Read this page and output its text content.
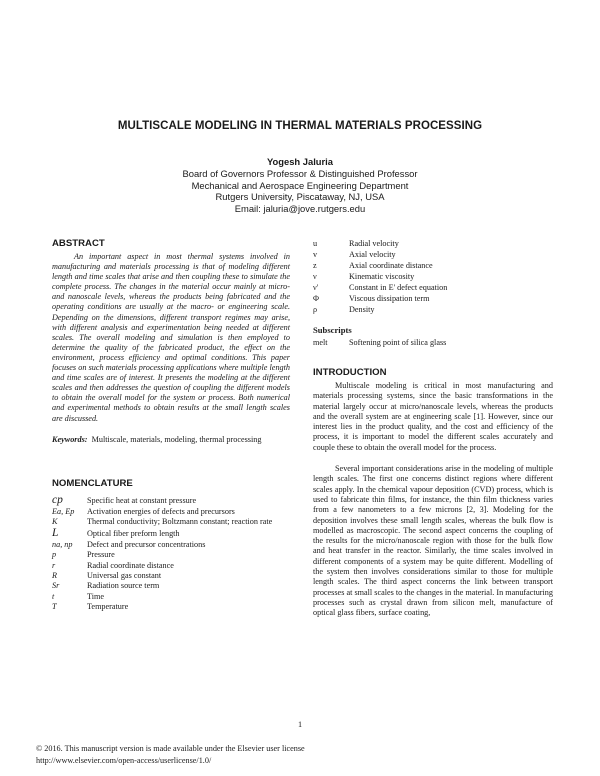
MULTISCALE MODELING IN THERMAL MATERIALS PROCESSING
Yogesh Jaluria
Board of Governors Professor & Distinguished Professor
Mechanical and Aerospace Engineering Department
Rutgers University, Piscataway, NJ, USA
Email: jaluria@jove.rutgers.edu
ABSTRACT

An important aspect in most thermal systems involved in manufacturing and materials processing is that of modeling different length and time scales that arise and then coupling these to simulate the complete process. The changes in the material occur mainly at micro- and nanoscale levels, whereas the products being fabricated and the operating conditions are usually at the macro- or engineering scale. Depending on the dimensions, different transport regimes may arise, with different analysis and experimentation being needed at different scales. The overall modeling and simulation is then employed to determine the quality of the fabricated product, the effect on the environment, process efficiency and optimal conditions. This paper focuses on such materials processing applications where multiple length and time scales are of interest. It presents the modeling at the different scales and then addresses the question of coupling the different models to obtain the overall model for the system or process. Both numerical and experimental methods to obtain results at the small length scales are discussed.

Keywords: Multiscale, materials, modeling, thermal processing

NOMENCLATURE
cp	Specific heat at constant pressure
Ea, Ep	Activation energies of defects and precursors
K	Thermal conductivity; Boltzmann constant; reaction rate
L	Optical fiber preform length
na, np	Defect and precursor concentrations
p	Pressure
r	Radial coordinate distance
R	Universal gas constant
Sr	Radiation source term
t	Time
T	Temperature
u	Radial velocity
v	Axial velocity
z	Axial coordinate distance
ν	Kinematic viscosity
ν'	Constant in E' defect equation
Φ	Viscous dissipation term
ρ	Density
Subscripts
melt	Softening point of silica glass
INTRODUCTION

Multiscale modeling is critical in most manufacturing and materials processing systems, since the basic transformations in the material largely occur at micro/nanoscale levels, whereas the products and the overall system are at engineering scale [1]. However, since our interest lies in the product quality, and the cost and efficiency of the process, it is important to model the different scales accurately and couple these to obtain the overall model for the process.

Several important considerations arise in the modeling of multiple length scales. The first one concerns distinct regions where different scales apply. In the chemical vapour deposition (CVD) process, which is used to fabricate thin films, for instance, the thin film thickness varies from a few nanometers to a few microns [2, 3]. Modeling for the deposition involves these small length scales, whereas the bulk flow is modelled as macroscopic. The second aspect concerns the coupling of the results for the micro/nanoscale region with those for the bulk flow and heat transfer in the reactor. Similarly, the time scales involved in different components of a system may be quite different. Modelling of the system then involves considerations similar to those for multiple length scales. The third aspect concerns the link between transport processes at small scales to the changes in the material. In manufacturing processes such as crystal drawn from silicon melt, manufacture of optical glass fibers, surface coating,

1
© 2016. This manuscript version is made available under the Elsevier user license
http://www.elsevier.com/open-access/userlicense/1.0/
